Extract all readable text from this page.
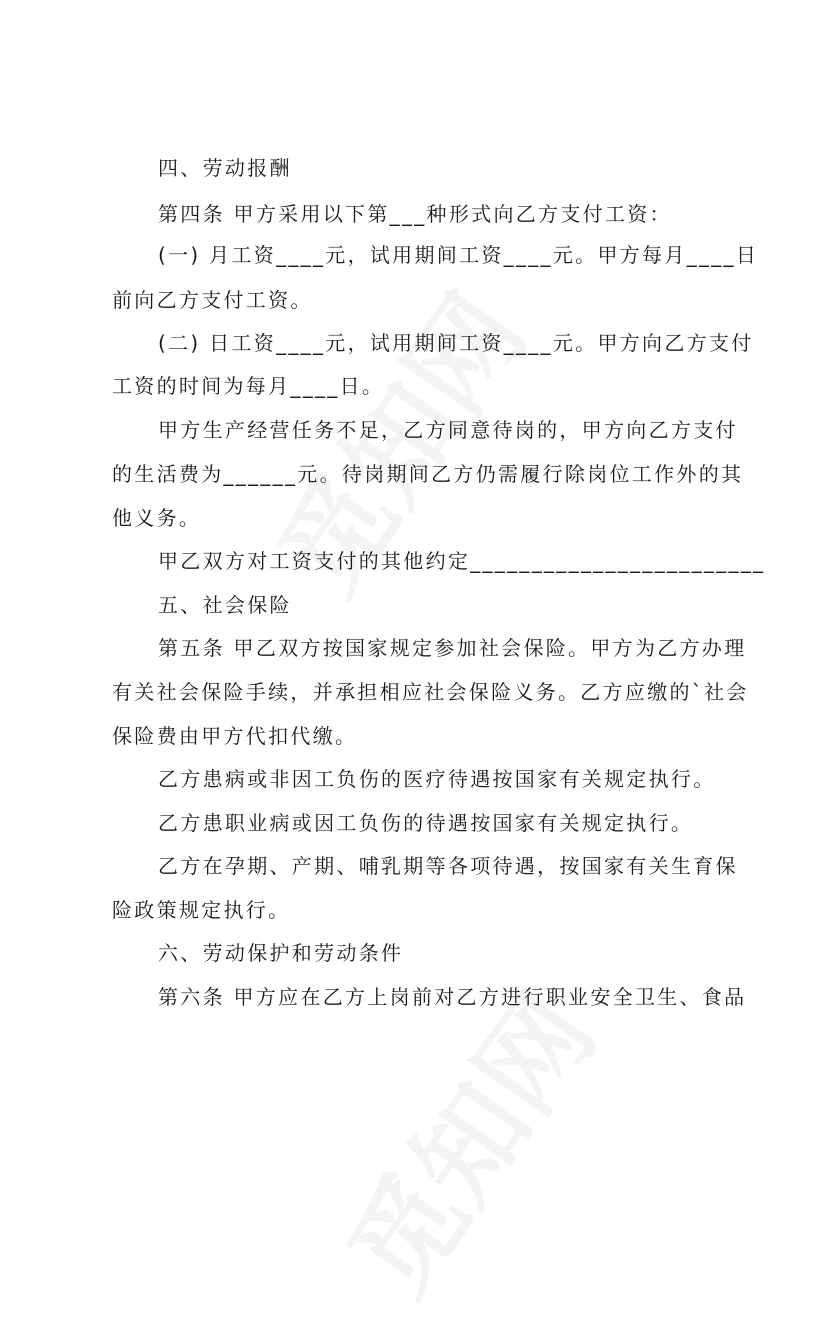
四、劳动报酬
第四条 甲方采用以下第___种形式向乙方支付工资：
(一) 月工资____元，试用期间工资____元。甲方每月____日
前向乙方支付工资。
(二) 日工资____元，试用期间工资____元。甲方向乙方支付
工资的时间为每月____日。
甲方生产经营任务不足，乙方同意待岗的，甲方向乙方支付
的生活费为______元。待岗期间乙方仍需履行除岗位工作外的其
他义务。
甲乙双方对工资支付的其他约定________________________
五、社会保险
第五条 甲乙双方按国家规定参加社会保险。甲方为乙方办理
有关社会保险手续，并承担相应社会保险义务。乙方应缴的`社会
保险费由甲方代扣代缴。
乙方患病或非因工负伤的医疗待遇按国家有关规定执行。
乙方患职业病或因工负伤的待遇按国家有关规定执行。
乙方在孕期、产期、哺乳期等各项待遇，按国家有关生育保
险政策规定执行。
六、劳动保护和劳动条件
第六条 甲方应在乙方上岗前对乙方进行职业安全卫生、食品
